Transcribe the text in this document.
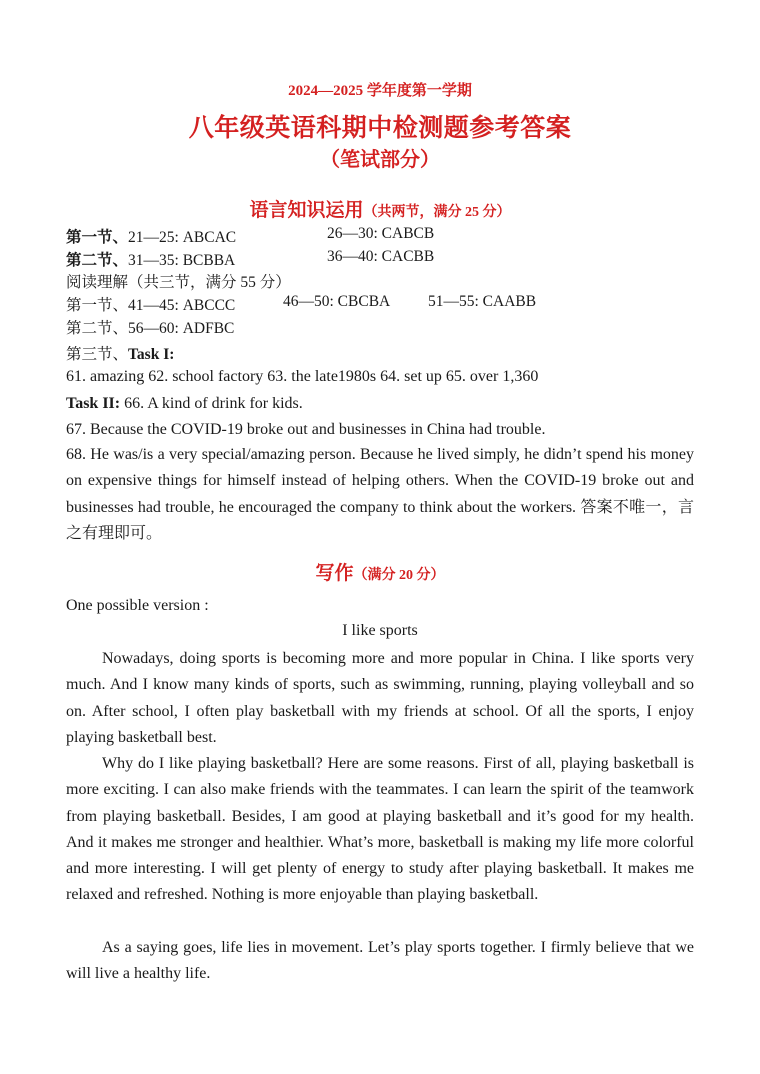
2024—2025 学年度第一学期
八年级英语科期中检测题参考答案
（笔试部分）
语言知识运用（共两节，满分 25 分）
第一节、21—25: ABCAC	26—30: CABCB
第二节、31—35: BCBBA	36—40: CACBB
阅读理解（共三节，满分 55 分）
第一节、41—45: ABCCC	46—50: CBCBA 51—55: CAABB
第二节、56—60: ADFBC
第三节、Task I:
61. amazing 62. school factory 63. the late1980s 64. set up 65. over 1,360
Task II: 66. A kind of drink for kids.
67. Because the COVID-19 broke out and businesses in China had trouble.
68. He was/is a very special/amazing person. Because he lived simply, he didn’t spend his money on expensive things for himself instead of helping others. When the COVID-19 broke out and businesses had trouble, he encouraged the company to think about the workers. 答案不唯一，言之有理即可。
写作（满分 20 分）
One possible version :
I like sports
Nowadays, doing sports is becoming more and more popular in China. I like sports very much. And I know many kinds of sports, such as swimming, running, playing volleyball and so on. After school, I often play basketball with my friends at school. Of all the sports, I enjoy playing basketball best.
Why do I like playing basketball? Here are some reasons. First of all, playing basketball is more exciting. I can also make friends with the teammates. I can learn the spirit of the teamwork from playing basketball. Besides, I am good at playing basketball and it’s good for my health. And it makes me stronger and healthier. What’s more, basketball is making my life more colorful and more interesting. I will get plenty of energy to study after playing basketball. It makes me relaxed and refreshed. Nothing is more enjoyable than playing basketball.
As a saying goes, life lies in movement. Let’s play sports together. I firmly believe that we will live a healthy life.
